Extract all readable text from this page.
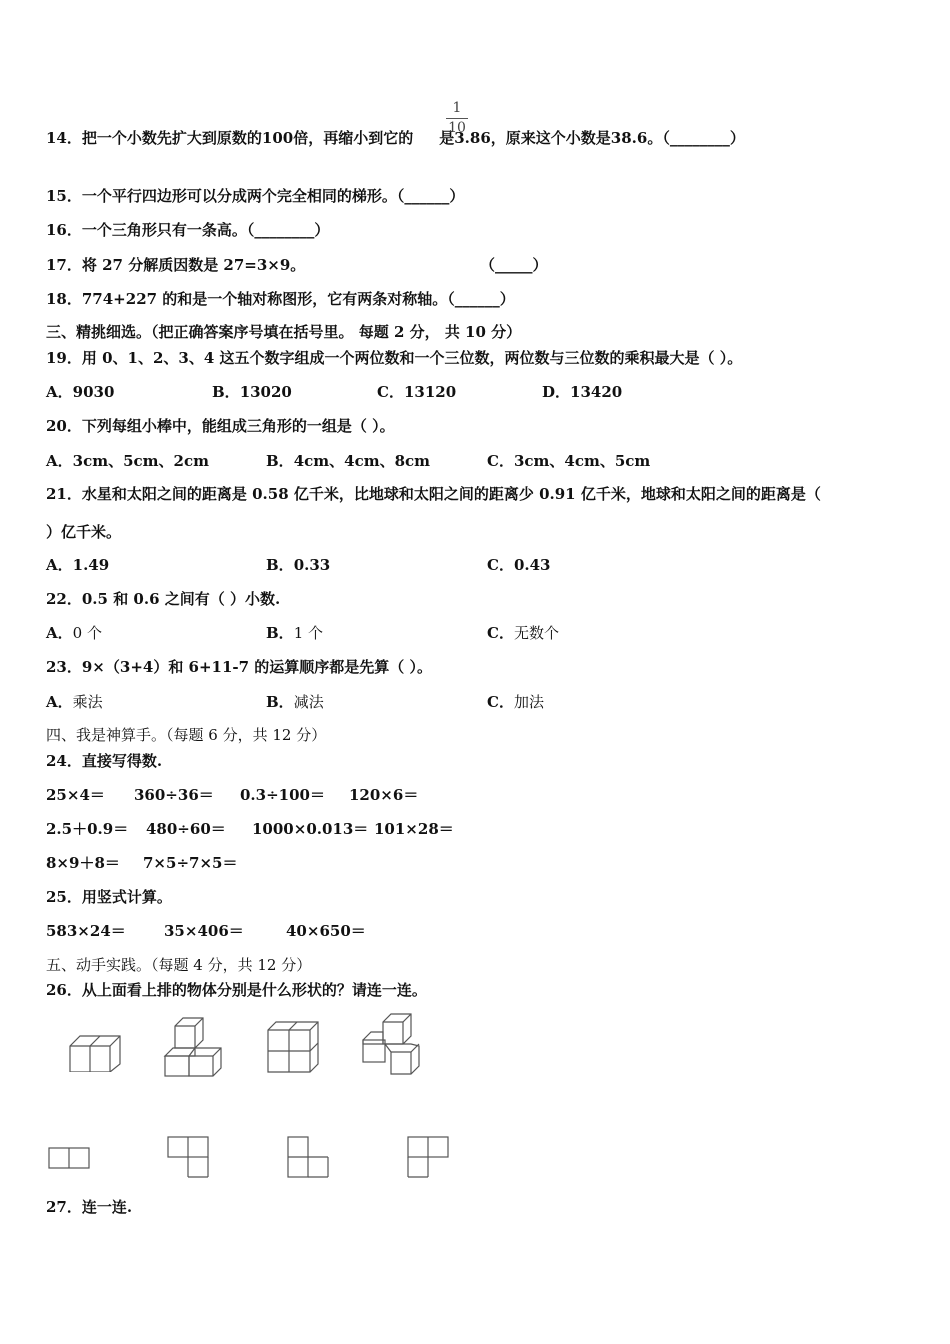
14．把一个小数先扩大到原数的100倍，再缩小到它的 是3.86，原来这个小数是38.6。（________）
1
10
15．一个平行四边形可以分成两个完全相同的梯形。（______）
16．一个三角形只有一条高。（________）
17．将 27 分解质因数是 27=3×9。	（_____）
18．774+227 的和是一个轴对称图形，它有两条对称轴。（______）
三、精挑细选。（把正确答案序号填在括号里。 每题 2 分， 共 10 分）
19．用 0、1、2、3、4 这五个数字组成一个两位数和一个三位数，两位数与三位数的乘积最大是（ ）。
A．9030	B．13020	C．13120	D．13420
20．下列每组小棒中，能组成三角形的一组是（ ）。
A．3cm、5cm、2cm	B．4cm、4cm、8cm	C．3cm、4cm、5cm
21．水星和太阳之间的距离是 0.58 亿千米，比地球和太阳之间的距离少 0.91 亿千米，地球和太阳之间的距离是（
）亿千米。
A．1.49	B．0.33	C．0.43
22．0.5 和 0.6 之间有（ ）小数.
A．0 个	B．1 个	C．无数个
23．9×（3+4）和 6+11-7 的运算顺序都是先算（ ）。
A．乘法	B．减法	C．加法
四、我是神算手。（每题 6 分，共 12 分）
24．直接写得数.
25×4＝ 360÷36＝ 0.3÷100＝ 120×6＝
2.5＋0.9＝ 480÷60＝ 1000×0.013＝ 101×28＝
8×9＋8＝ 7×5÷7×5＝
25．用竖式计算。
583×24＝	35×406＝	40×650＝
五、动手实践。（每题 4 分，共 12 分）
26．从上面看上排的物体分别是什么形状的？请连一连。
27．连一连.
